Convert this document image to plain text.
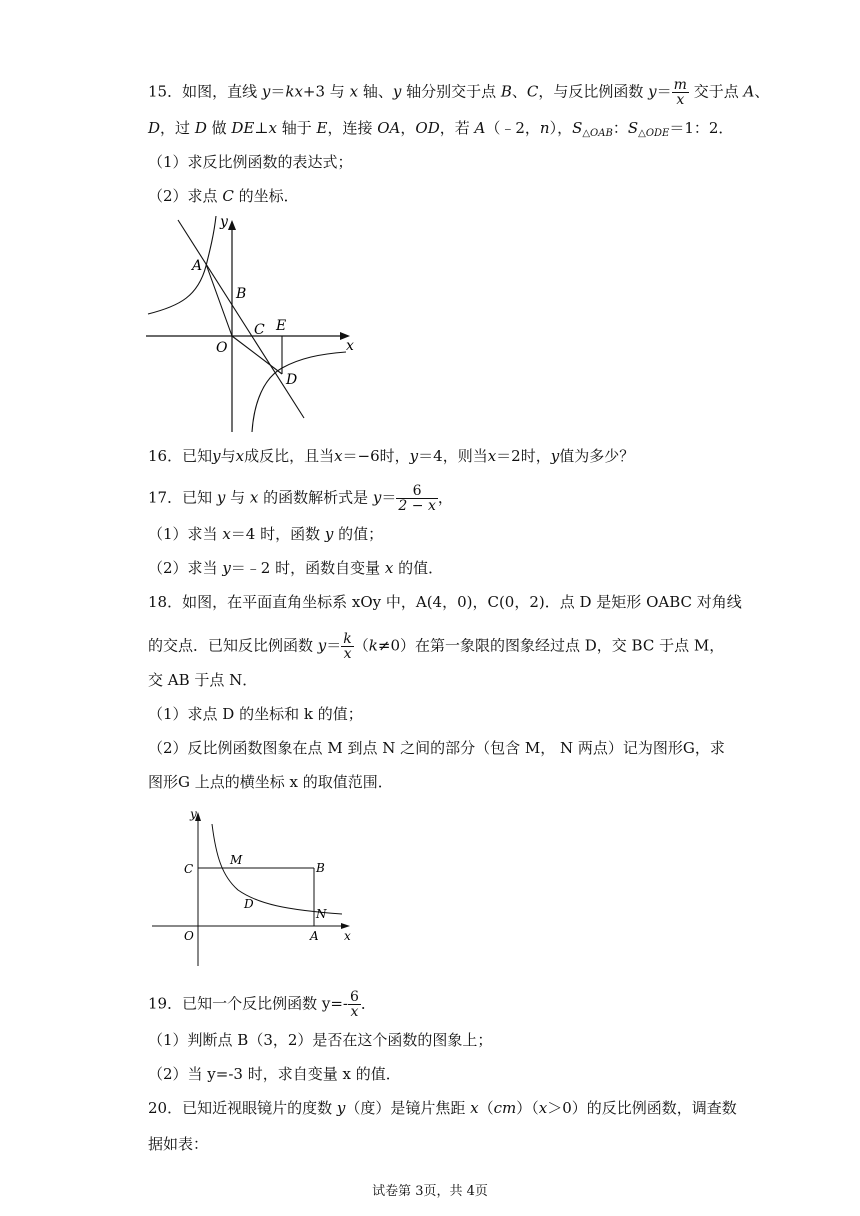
15．如图，直线 y＝kx+3 与 x 轴、y 轴分别交于点 B、C，与反比例函数 $y= \frac{m}{x}$ 交于点 A、
D，过 D 做 DE⊥x 轴于 E，连接 OA，OD，若 A（﹣2，n），$S_{\triangle OAB}$：$S_{\triangle ODE}=1$：2．
（1）求反比例函数的表达式；
（2）求点 C 的坐标．
y
A
B
C E
O	x
D
16．已知y与x成反比，且当x＝−6时，y＝4，则当x＝2时，y值为多少？
17．已知 y 与 x 的函数解析式是 $y= \frac{6}{2 - x}$ ，
（1）求当 x＝4 时，函数 y 的值；
（2）求当 y＝﹣2 时，函数自变量 x 的值．
18．如图，在平面直角坐标系 xOy 中，A(4，0)，C(0，2)．点 D 是矩形 OABC 对角线
的交点．已知反比例函数 $y= \frac{k}{x} (k\ne 0)$在第一象限的图象经过点 D，交 BC 于点 M，
交 AB 于点 N．
（1）求点 D 的坐标和 k 的值；
（2）反比例函数图象在点 M 到点 N 之间的部分（包含 M， N 两点）记为图形G，求
图形G 上点的横坐标 x 的取值范围．
y
C
M
B
D
N
O	A x
19．已知一个反比例函数 $y=- \frac{6}{x}$ ．
（1）判断点 B（3，2）是否在这个函数的图象上；
（2）当 y=-3 时，求自变量 x 的值．
20．已知近视眼镜片的度数 y（度）是镜片焦距 x（cm）（x＞0）的反比例函数，调查数
据如表：
试卷第 3页，共 4页
